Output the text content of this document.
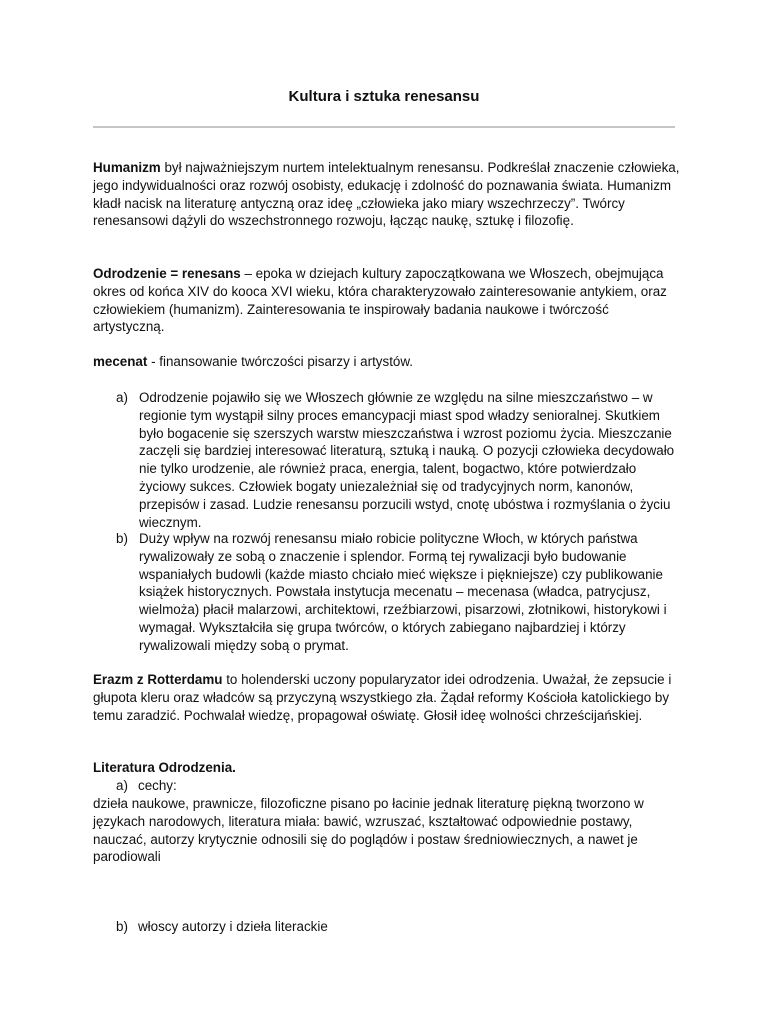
Kultura i sztuka renesansu

Humanizm był najważniejszym nurtem intelektualnym renesansu. Podkreślał znaczenie człowieka, jego indywidualności oraz rozwój osobisty, edukację i zdolność do poznawania świata. Humanizm kładł nacisk na literaturę antyczną oraz ideę „człowieka jako miary wszechrzeczy”. Twórcy renesansowi dążyli do wszechstronnego rozwoju, łącząc naukę, sztukę i filozofię.

Odrodzenie = renesans – epoka w dziejach kultury zapoczątkowana we Włoszech, obejmująca okres od końca XIV do kooca XVI wieku, która charakteryzowało zainteresowanie antykiem, oraz człowiekiem (humanizm). Zainteresowania te inspirowały badania naukowe i twórczość artystyczną.

mecenat - finansowanie twórczości pisarzy i artystów.

a) Odrodzenie pojawiło się we Włoszech głównie ze względu na silne mieszczaństwo – w regionie tym wystąpił silny proces emancypacji miast spod władzy senioralnej. Skutkiem było bogacenie się szerszych warstw mieszczaństwa i wzrost poziomu życia. Mieszczanie zaczęli się bardziej interesować literaturą, sztuką i nauką. O pozycji człowieka decydowało nie tylko urodzenie, ale również praca, energia, talent, bogactwo, które potwierdzało życiowy sukces. Człowiek bogaty uniezależniał się od tradycyjnych norm, kanonów, przepisów i zasad. Ludzie renesansu porzucili wstyd, cnotę ubóstwa i rozmyślania o życiu wiecznym.
b) Duży wpływ na rozwój renesansu miało robicie polityczne Włoch, w których państwa rywalizowały ze sobą o znaczenie i splendor. Formą tej rywalizacji było budowanie wspaniałych budowli (każde miasto chciało mieć większe i piękniejsze) czy publikowanie książek historycznych. Powstała instytucja mecenatu – mecenasa (władca, patrycjusz, wielmoża) płacił malarzowi, architektowi, rzeźbiarzowi, pisarzowi, złotnikowi, historykowi i wymagał. Wykształciła się grupa twórców, o których zabiegano najbardziej i którzy rywalizowali między sobą o prymat.

Erazm z Rotterdamu to holenderski uczony popularyzator idei odrodzenia. Uważał, że zepsucie i głupota kleru oraz władców są przyczyną wszystkiego zła. Żądał reformy Kościoła katolickiego by temu zaradzić. Pochwalał wiedzę, propagował oświatę. Głosił ideę wolności chrześcijańskiej.

Literatura Odrodzenia.

a) cechy:

dzieła naukowe, prawnicze, filozoficzne pisano po łacinie jednak literaturę piękną tworzono w językach narodowych, literatura miała: bawić, wzruszać, kształtować odpowiednie postawy, nauczać, autorzy krytycznie odnosili się do poglądów i postaw średniowiecznych, a nawet je parodiowali

b) włoscy autorzy i dzieła literackie
